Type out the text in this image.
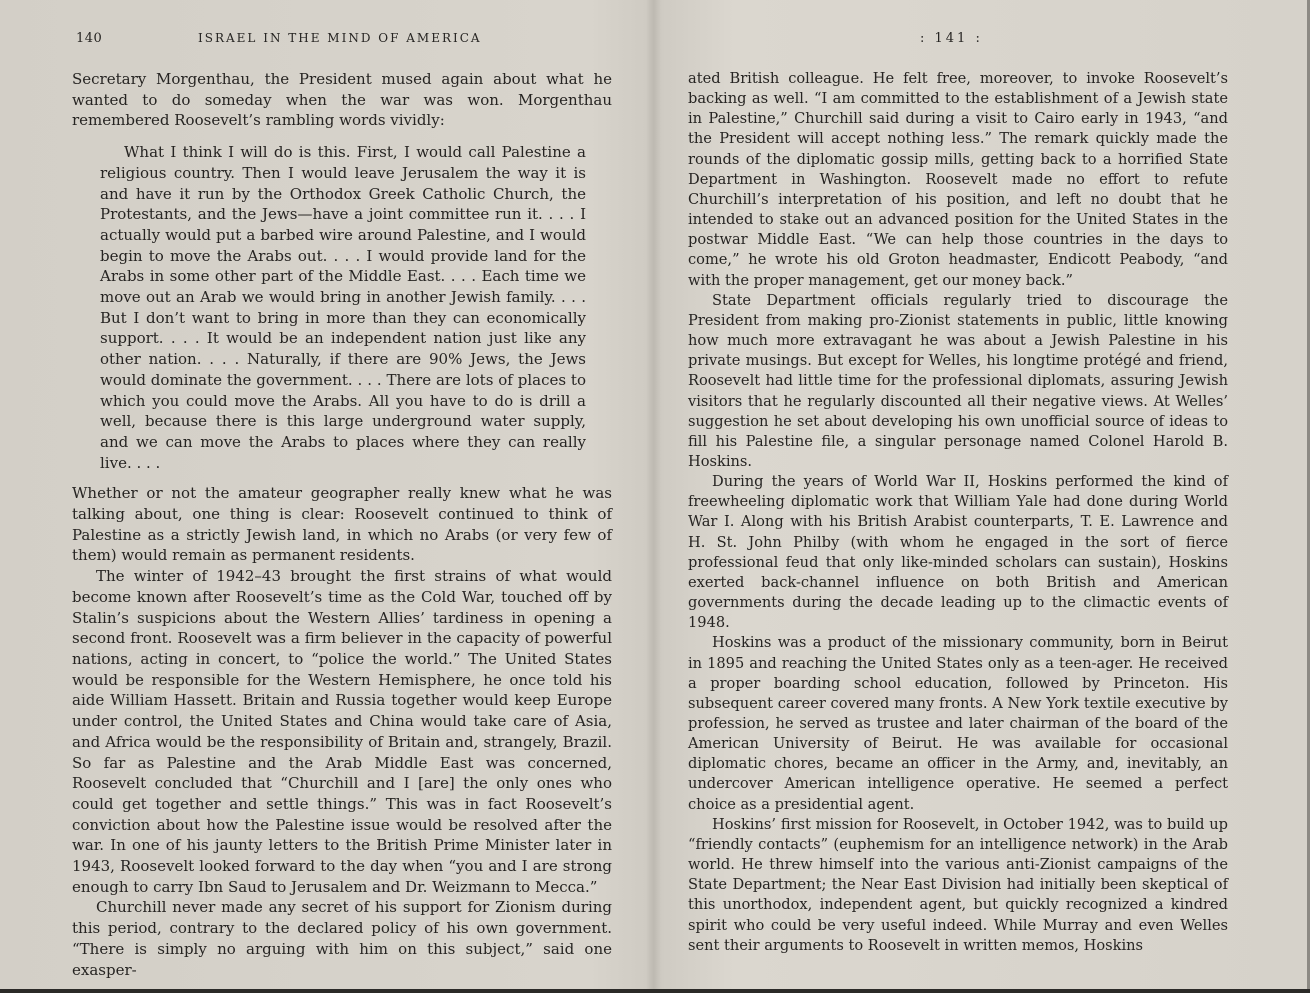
140	ISRAEL IN THE MIND OF AMERICA

Secretary Morgenthau, the President mused again about what he wanted to do someday when the war was won. Morgenthau remembered Roosevelt’s rambling words vividly:

What I think I will do is this. First, I would call Palestine a religious country. Then I would leave Jerusalem the way it is and have it run by the Orthodox Greek Catholic Church, the Protestants, and the Jews—have a joint committee run it. . . . I actually would put a barbed wire around Palestine, and I would begin to move the Arabs out. . . . I would provide land for the Arabs in some other part of the Middle East. . . . Each time we move out an Arab we would bring in another Jewish family. . . . But I don’t want to bring in more than they can economically support. . . . It would be an independent nation just like any other nation. . . . Naturally, if there are 90% Jews, the Jews would dominate the government. . . . There are lots of places to which you could move the Arabs. All you have to do is drill a well, because there is this large underground water supply, and we can move the Arabs to places where they can really live. . . .

Whether or not the amateur geographer really knew what he was talking about, one thing is clear: Roosevelt continued to think of Palestine as a strictly Jewish land, in which no Arabs (or very few of them) would remain as permanent residents.

The winter of 1942–43 brought the first strains of what would become known after Roosevelt’s time as the Cold War, touched off by Stalin’s suspicions about the Western Allies’ tardiness in opening a second front. Roosevelt was a firm believer in the capacity of powerful nations, acting in concert, to “police the world.” The United States would be responsible for the Western Hemisphere, he once told his aide William Hassett. Britain and Russia together would keep Europe under control, the United States and China would take care of Asia, and Africa would be the responsibility of Britain and, strangely, Brazil. So far as Palestine and the Arab Middle East was concerned, Roosevelt concluded that “Churchill and I [are] the only ones who could get together and settle things.” This was in fact Roosevelt’s conviction about how the Palestine issue would be resolved after the war. In one of his jaunty letters to the British Prime Minister later in 1943, Roosevelt looked forward to the day when “you and I are strong enough to carry Ibn Saud to Jerusalem and Dr. Weizmann to Mecca.”

Churchill never made any secret of his support for Zionism during this period, contrary to the declared policy of his own government. “There is simply no arguing with him on this subject,” said one exasper-

: 141 :

ated British colleague. He felt free, moreover, to invoke Roosevelt’s backing as well. “I am committed to the establishment of a Jewish state in Palestine,” Churchill said during a visit to Cairo early in 1943, “and the President will accept nothing less.” The remark quickly made the rounds of the diplomatic gossip mills, getting back to a horrified State Department in Washington. Roosevelt made no effort to refute Churchill’s interpretation of his position, and left no doubt that he intended to stake out an advanced position for the United States in the postwar Middle East. “We can help those countries in the days to come,” he wrote his old Groton headmaster, Endicott Peabody, “and with the proper management, get our money back.”

State Department officials regularly tried to discourage the President from making pro-Zionist statements in public, little knowing how much more extravagant he was about a Jewish Palestine in his private musings. But except for Welles, his longtime protégé and friend, Roosevelt had little time for the professional diplomats, assuring Jewish visitors that he regularly discounted all their negative views. At Welles’ suggestion he set about developing his own unofficial source of ideas to fill his Palestine file, a singular personage named Colonel Harold B. Hoskins.

During the years of World War II, Hoskins performed the kind of freewheeling diplomatic work that William Yale had done during World War I. Along with his British Arabist counterparts, T. E. Lawrence and H. St. John Philby (with whom he engaged in the sort of fierce professional feud that only like-minded scholars can sustain), Hoskins exerted back-channel influence on both British and American governments during the decade leading up to the climactic events of 1948.

Hoskins was a product of the missionary community, born in Beirut in 1895 and reaching the United States only as a teen-ager. He received a proper boarding school education, followed by Princeton. His subsequent career covered many fronts. A New York textile executive by profession, he served as trustee and later chairman of the board of the American University of Beirut. He was available for occasional diplomatic chores, became an officer in the Army, and, inevitably, an undercover American intelligence operative. He seemed a perfect choice as a presidential agent.

Hoskins’ first mission for Roosevelt, in October 1942, was to build up “friendly contacts” (euphemism for an intelligence network) in the Arab world. He threw himself into the various anti-Zionist campaigns of the State Department; the Near East Division had initially been skeptical of this unorthodox, independent agent, but quickly recognized a kindred spirit who could be very useful indeed. While Murray and even Welles sent their arguments to Roosevelt in written memos, Hoskins
